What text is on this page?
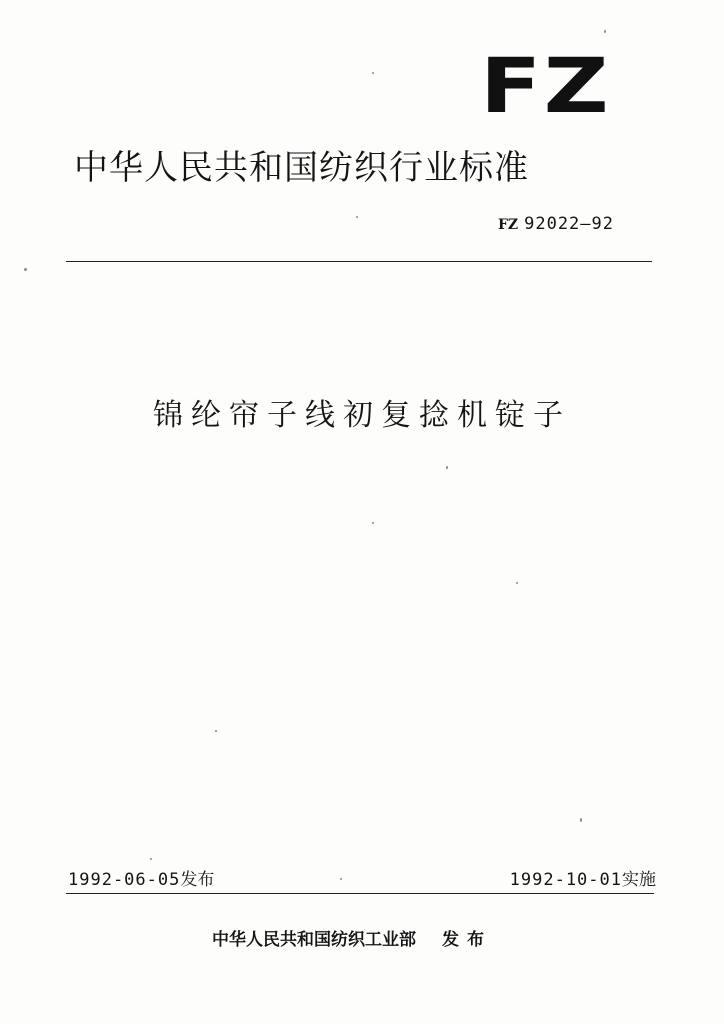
FZ
中华人民共和国纺织行业标准
FZ 92022—92
锦纶帘子线初复捻机锭子
1992-06-05发布	1992-10-01实施
中华人民共和国纺织工业部 发布
